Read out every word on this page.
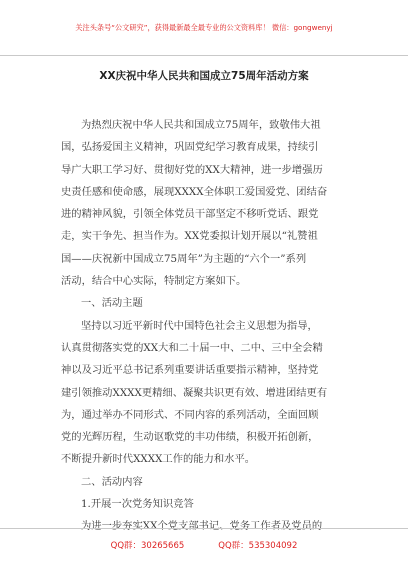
关注头条号“公文研究”，获得最新最全最专业的公文资料库！ 微信：gongwenyj
XX庆祝中华人民共和国成立75周年活动方案
为热烈庆祝中华人民共和国成立75周年，致敬伟大祖
国，弘扬爱国主义精神，巩固党纪学习教育成果，持续引
导广大职工学习好、贯彻好党的XX大精神，进一步增强历
史责任感和使命感，展现XXXX全体职工爱国爱党、团结奋
进的精神风貌，引领全体党员干部坚定不移听党话、跟党
走，实干争先、担当作为。XX党委拟计划开展以“礼赞祖
国——庆祝新中国成立75周年”为主题的“六个一”系列
活动，结合中心实际，特制定方案如下。
一、活动主题
坚持以习近平新时代中国特色社会主义思想为指导，
认真贯彻落实党的XX大和二十届一中、二中、三中全会精
神以及习近平总书记系列重要讲话重要指示精神，坚持党
建引领推动XXXX更精细、凝聚共识更有效、增进团结更有
为，通过举办不同形式、不同内容的系列活动，全面回顾
党的光辉历程，生动讴歌党的丰功伟绩，积极开拓创新，
不断提升新时代XXXX工作的能力和水平。
二、活动内容
1.开展一次党务知识竞答
为进一步夯实XX个党支部书记、党务工作者及党员的
QQ群：30265665	QQ群：535304092
